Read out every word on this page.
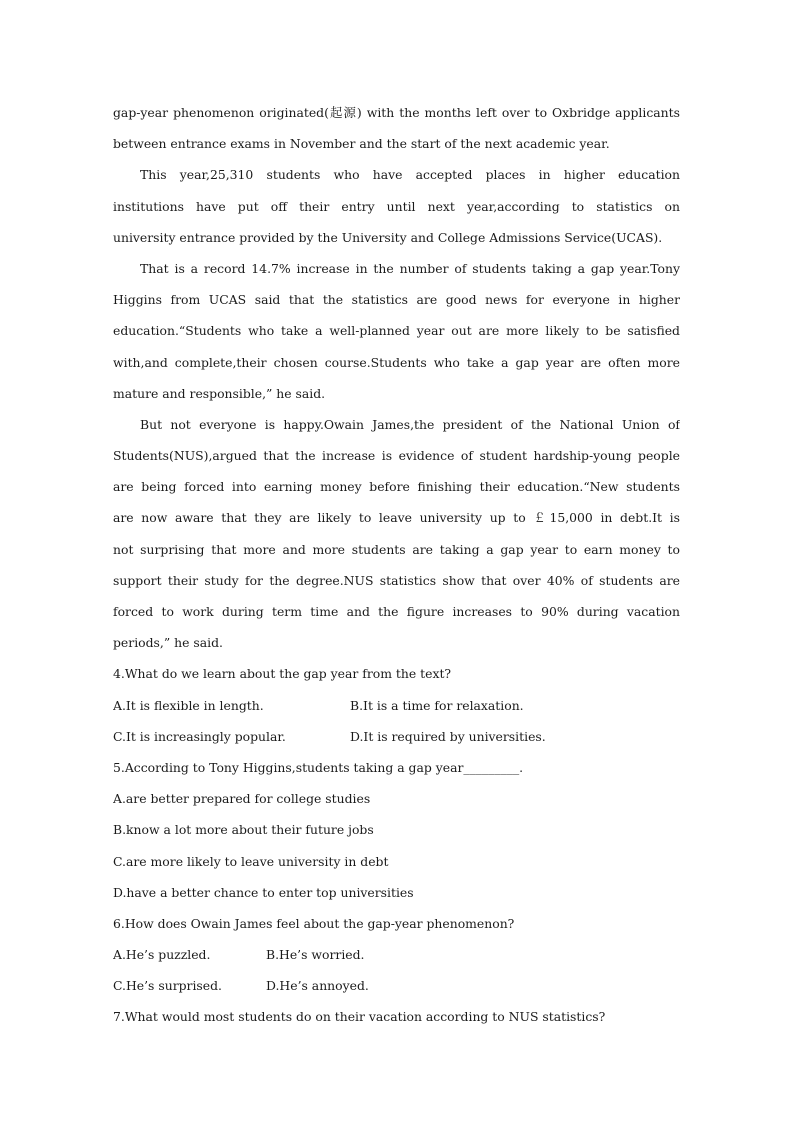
gap-year phenomenon originated(起源) with the months left over to Oxbridge applicants
between entrance exams in November and the start of the next academic year.
This year,25,310 students who have accepted places in higher education
institutions have put off their entry until next year,according to statistics on
university entrance provided by the University and College Admissions Service(UCAS).
That is a record 14.7% increase in the number of students taking a gap year.Tony
Higgins from UCAS said that the statistics are good news for everyone in higher
education.“Students who take a well-planned year out are more likely to be satisfied
with,and complete,their chosen course.Students who take a gap year are often more
mature and responsible,” he said.
But not everyone is happy.Owain James,the president of the National Union of
Students(NUS),argued that the increase is evidence of student hardship-young people
are being forced into earning money before finishing their education.“New students
are now aware that they are likely to leave university up to ￡15,000 in debt.It is
not surprising that more and more students are taking a gap year to earn money to
support their study for the degree.NUS statistics show that over 40% of students are
forced to work during term time and the figure increases to 90% during vacation
periods,” he said.
4.What do we learn about the gap year from the text?
A.It is flexible in length.	B.It is a time for relaxation.
C.It is increasingly popular.	D.It is required by universities.
5.According to Tony Higgins,students taking a gap year_________.
A.are better prepared for college studies
B.know a lot more about their future jobs
C.are more likely to leave university in debt
D.have a better chance to enter top universities
6.How does Owain James feel about the gap-year phenomenon?
A.He’s puzzled.	B.He’s worried.
C.He’s surprised.	D.He’s annoyed.
7.What would most students do on their vacation according to NUS statistics?
